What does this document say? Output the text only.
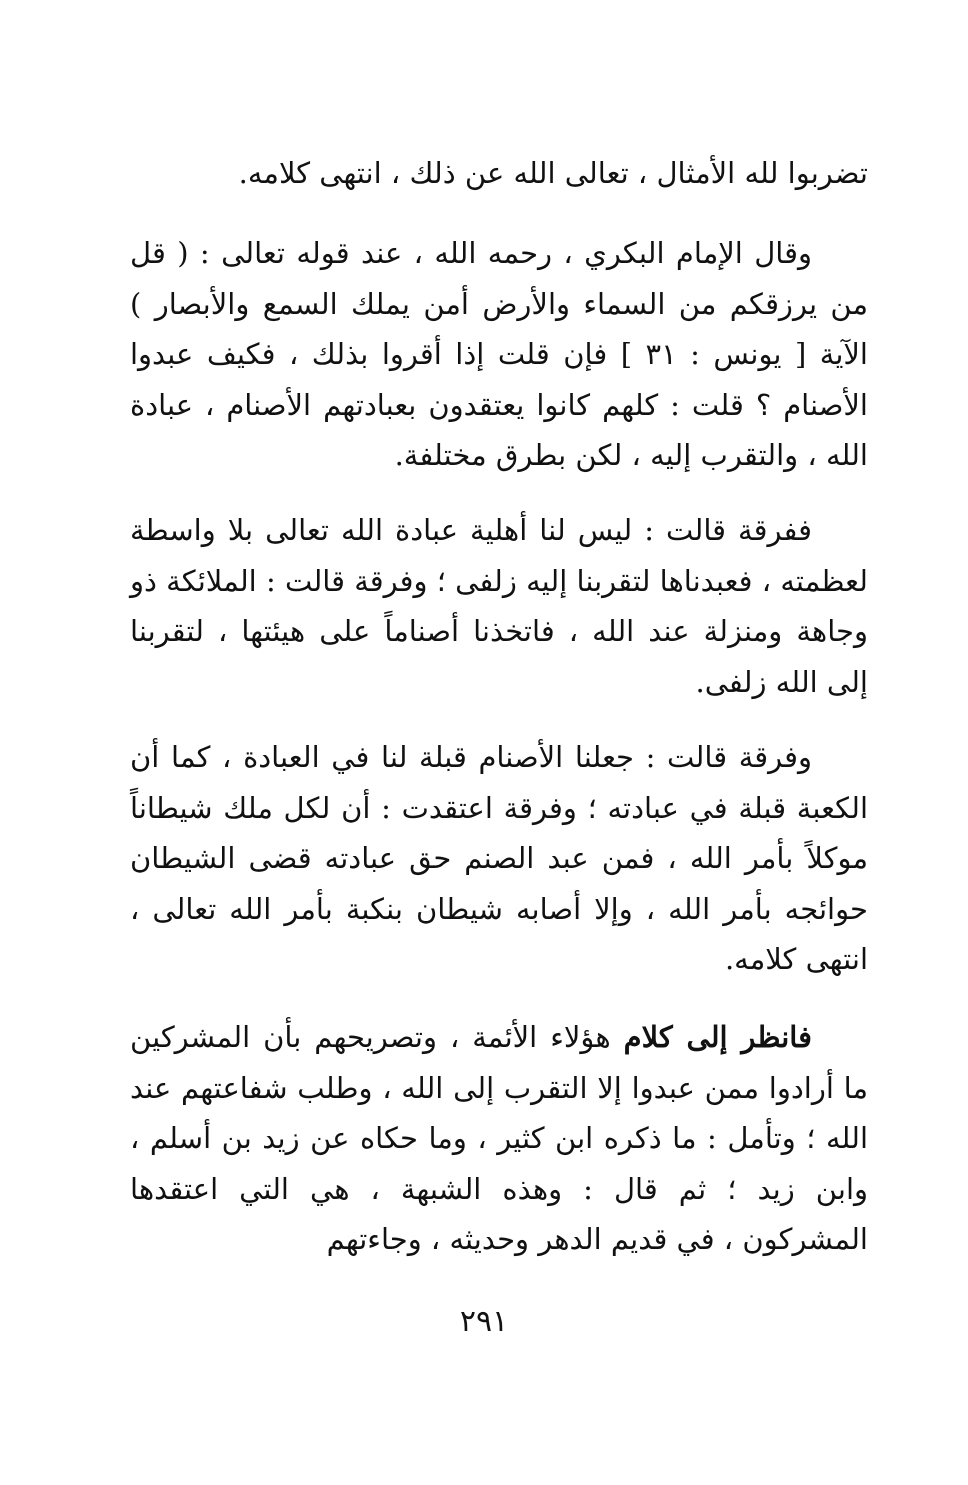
تضربوا لله الأمثال ، تعالى الله عن ذلك ، انتهى كلامه.

وقال الإمام البكري ، رحمه الله ، عند قوله تعالى : ( قل من يرزقكم من السماء والأرض أمن يملك السمع والأبصار ) الآية [ يونس : ٣١ ] فإن قلت إذا أقروا بذلك ، فكيف عبدوا الأصنام ؟ قلت : كلهم كانوا يعتقدون بعبادتهم الأصنام ، عبادة الله ، والتقرب إليه ، لكن بطرق مختلفة.

ففرقة قالت : ليس لنا أهلية عبادة الله تعالى بلا واسطة لعظمته ، فعبدناها لتقربنا إليه زلفى ؛ وفرقة قالت : الملائكة ذو وجاهة ومنزلة عند الله ، فاتخذنا أصناماً على هيئتها ، لتقربنا إلى الله زلفى.

وفرقة قالت : جعلنا الأصنام قبلة لنا في العبادة ، كما أن الكعبة قبلة في عبادته ؛ وفرقة اعتقدت : أن لكل ملك شيطاناً موكلاً بأمر الله ، فمن عبد الصنم حق عبادته قضى الشيطان حوائجه بأمر الله ، وإلا أصابه شيطان بنكبة بأمر الله تعالى ، انتهى كلامه.

فانظر إلى كلام هؤلاء الأئمة ، وتصريحهم بأن المشركين ما أرادوا ممن عبدوا إلا التقرب إلى الله ، وطلب شفاعتهم عند الله ؛ وتأمل : ما ذكره ابن كثير ، وما حكاه عن زيد بن أسلم ، وابن زيد ؛ ثم قال : وهذه الشبهة ، هي التي اعتقدها المشركون ، في قديم الدهر وحديثه ، وجاءتهم

٢٩١
